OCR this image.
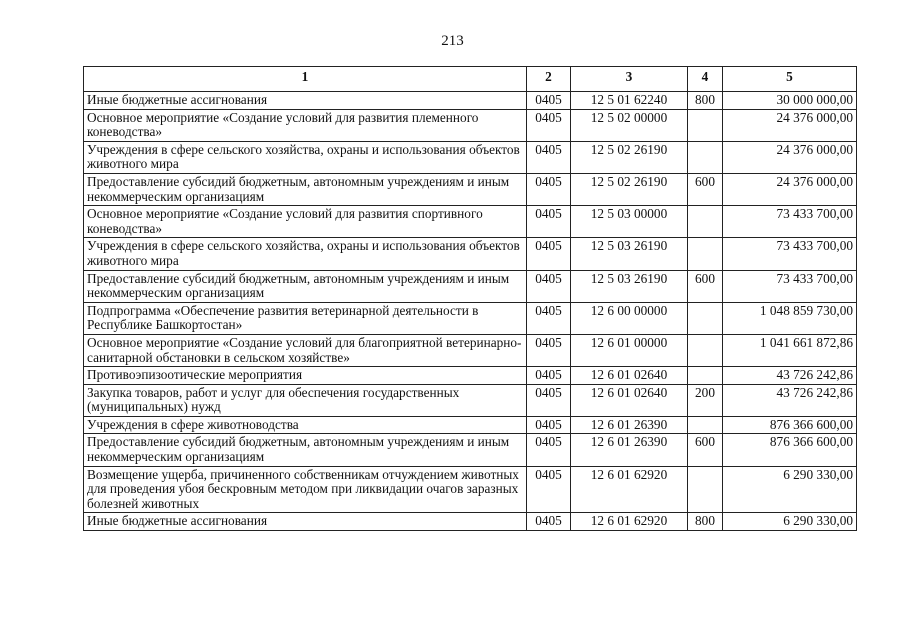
213
1	2	3	4	5
Иные бюджетные ассигнования	0405	12 5 01 62240	800	30 000 000,00
Основное мероприятие «Создание условий для развития племенного коневодства»	0405	12 5 02 00000		24 376 000,00
Учреждения в сфере сельского хозяйства, охраны и использования объектов животного мира	0405	12 5 02 26190		24 376 000,00
Предоставление субсидий бюджетным, автономным учреждениям и иным некоммерческим организациям	0405	12 5 02 26190	600	24 376 000,00
Основное мероприятие «Создание условий для развития спортивного коневодства»	0405	12 5 03 00000		73 433 700,00
Учреждения в сфере сельского хозяйства, охраны и использования объектов животного мира	0405	12 5 03 26190		73 433 700,00
Предоставление субсидий бюджетным, автономным учреждениям и иным некоммерческим организациям	0405	12 5 03 26190	600	73 433 700,00
Подпрограмма «Обеспечение развития ветеринарной деятельности в Республике Башкортостан»	0405	12 6 00 00000		1 048 859 730,00
Основное мероприятие «Создание условий для благоприятной ветеринарно-санитарной обстановки в сельском хозяйстве»	0405	12 6 01 00000		1 041 661 872,86
Противоэпизоотические мероприятия	0405	12 6 01 02640		43 726 242,86
Закупка товаров, работ и услуг для обеспечения государственных (муниципальных) нужд	0405	12 6 01 02640	200	43 726 242,86
Учреждения в сфере животноводства	0405	12 6 01 26390		876 366 600,00
Предоставление субсидий бюджетным, автономным учреждениям и иным некоммерческим организациям	0405	12 6 01 26390	600	876 366 600,00
Возмещение ущерба, причиненного собственникам отчуждением животных для проведения убоя бескровным методом при ликвидации очагов заразных болезней животных	0405	12 6 01 62920		6 290 330,00
Иные бюджетные ассигнования	0405	12 6 01 62920	800	6 290 330,00
